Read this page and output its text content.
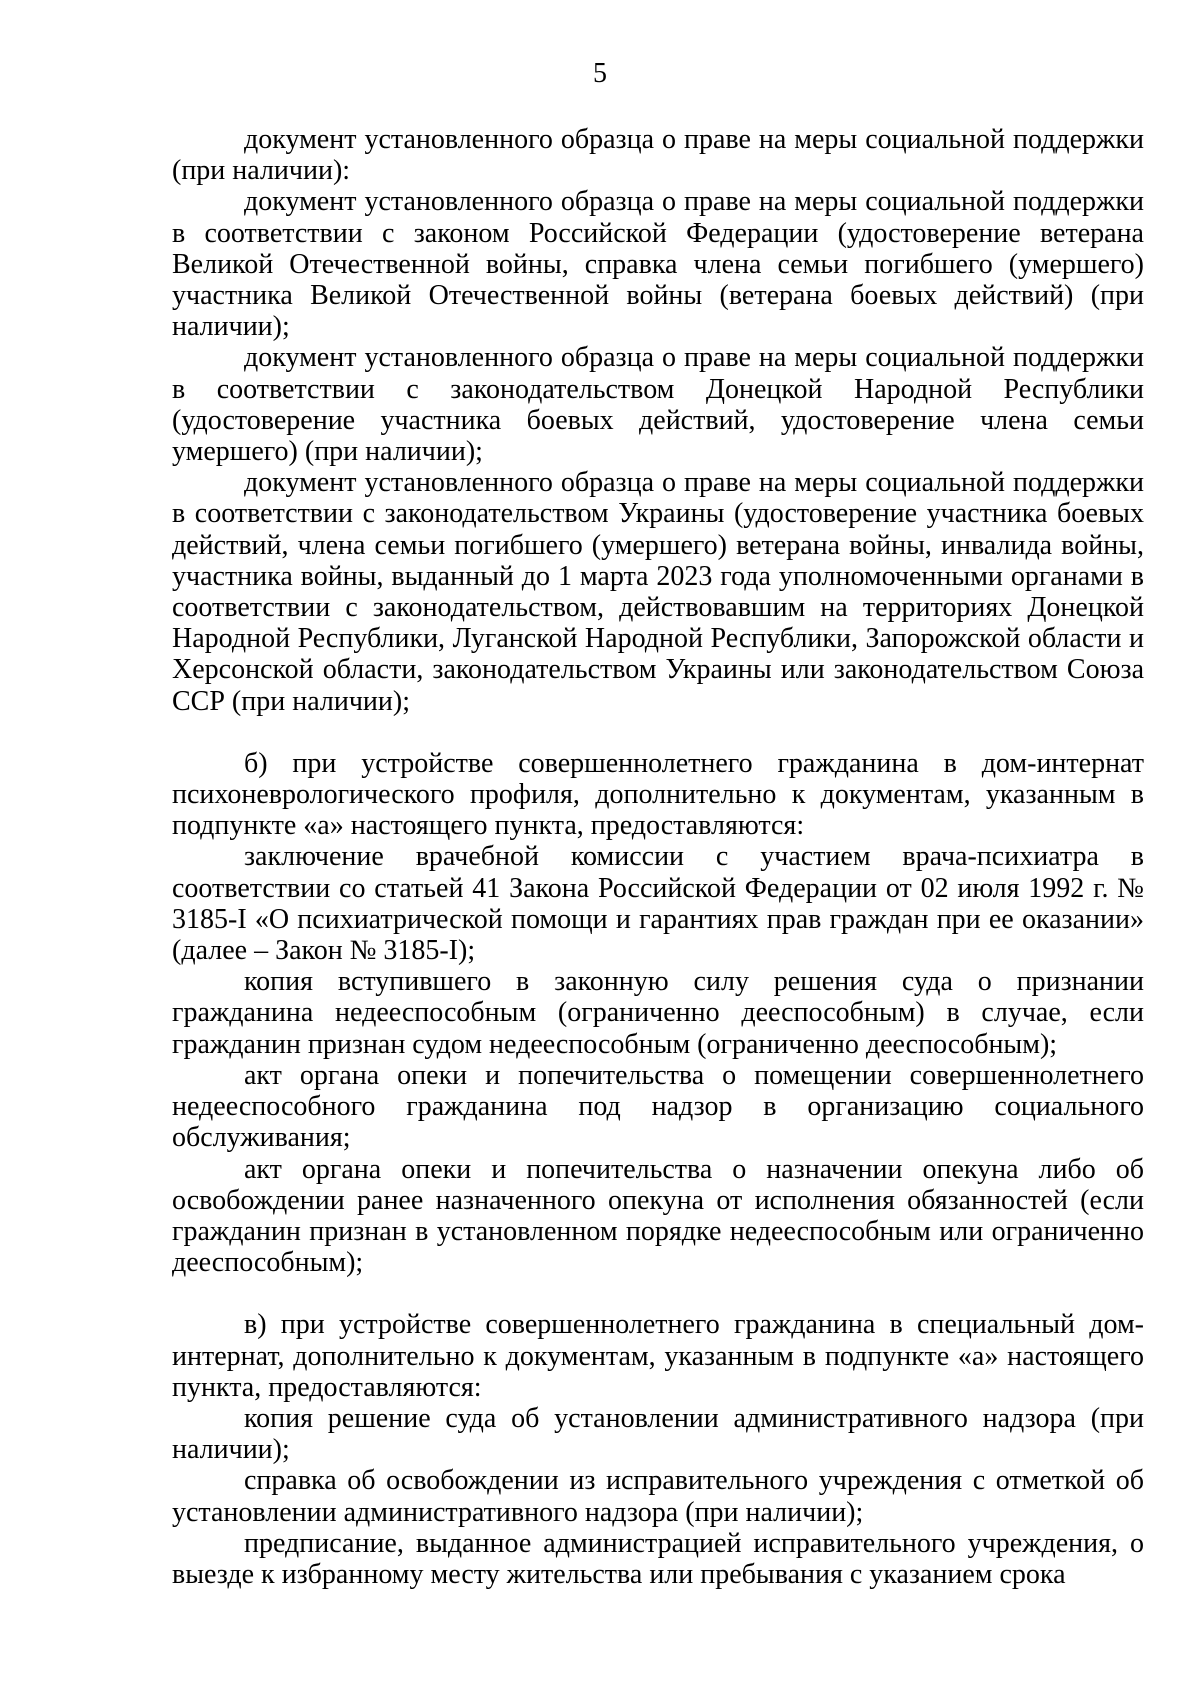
5

документ установленного образца о праве на меры социальной поддержки (при наличии):

документ установленного образца о праве на меры социальной поддержки в соответствии с законом Российской Федерации (удостоверение ветерана Великой Отечественной войны, справка члена семьи погибшего (умершего) участника Великой Отечественной войны (ветерана боевых действий) (при наличии);

документ установленного образца о праве на меры социальной поддержки в соответствии с законодательством Донецкой Народной Республики (удостоверение участника боевых действий, удостоверение члена семьи умершего) (при наличии);

документ установленного образца о праве на меры социальной поддержки в соответствии с законодательством Украины (удостоверение участника боевых действий, члена семьи погибшего (умершего) ветерана войны, инвалида войны, участника войны, выданный до 1 марта 2023 года уполномоченными органами в соответствии с законодательством, действовавшим на территориях Донецкой Народной Республики, Луганской Народной Республики, Запорожской области и Херсонской области, законодательством Украины или законодательством Союза ССР (при наличии);

б) при устройстве совершеннолетнего гражданина в дом-интернат психоневрологического профиля, дополнительно к документам, указанным в подпункте «а» настоящего пункта, предоставляются:

заключение врачебной комиссии с участием врача-психиатра в соответствии со статьей 41 Закона Российской Федерации от 02 июля 1992 г. № 3185-I «О психиатрической помощи и гарантиях прав граждан при ее оказании» (далее – Закон № 3185-I);

копия вступившего в законную силу решения суда о признании гражданина недееспособным (ограниченно дееспособным) в случае, если гражданин признан судом недееспособным (ограниченно дееспособным);

акт органа опеки и попечительства о помещении совершеннолетнего недееспособного гражданина под надзор в организацию социального обслуживания;

акт органа опеки и попечительства о назначении опекуна либо об освобождении ранее назначенного опекуна от исполнения обязанностей (если гражданин признан в установленном порядке недееспособным или ограниченно дееспособным);

в) при устройстве совершеннолетнего гражданина в специальный дом-интернат, дополнительно к документам, указанным в подпункте «а» настоящего пункта, предоставляются:

копия решение суда об установлении административного надзора (при наличии);

справка об освобождении из исправительного учреждения с отметкой об установлении административного надзора (при наличии);

предписание, выданное администрацией исправительного учреждения, о выезде к избранному месту жительства или пребывания с указанием срока
